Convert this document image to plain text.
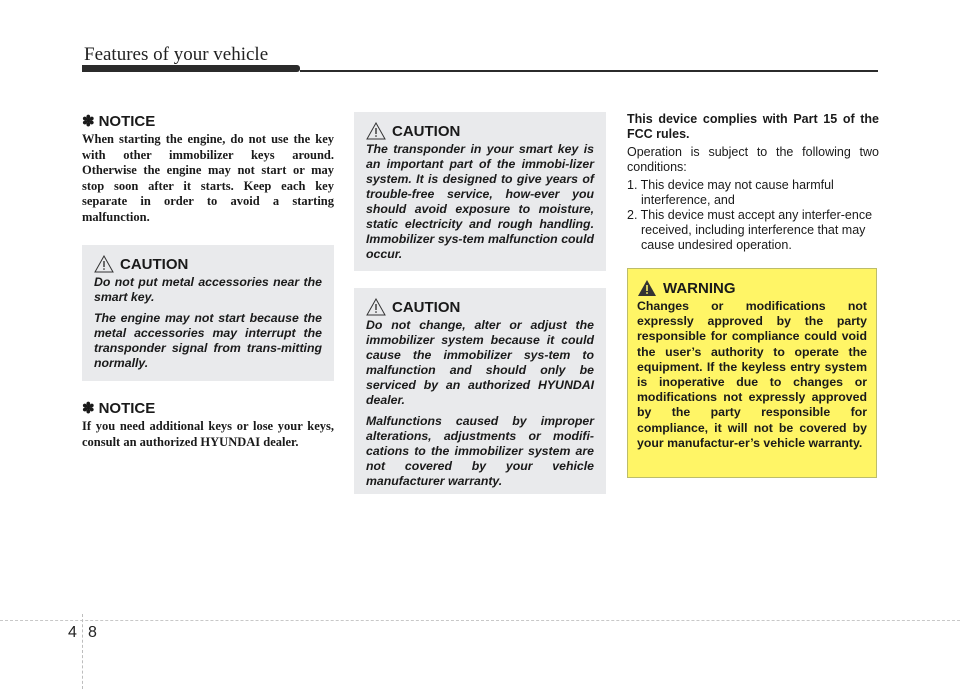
Features of your vehicle
✽ NOTICE

When starting the engine, do not use the key with other immobilizer keys around. Otherwise the engine may not start or may stop soon after it starts. Keep each key separate in order to avoid a starting malfunction.

CAUTION

Do not put metal accessories near the smart key.

The engine may not start because the metal accessories may interrupt the transponder signal from trans-mitting normally.

✽ NOTICE

If you need additional keys or lose your keys, consult an authorized HYUNDAI dealer.

CAUTION

The transponder in your smart key is an important part of the immobi-lizer system. It is designed to give years of trouble-free service, how-ever you should avoid exposure to moisture, static electricity and rough handling. Immobilizer sys-tem malfunction could occur.

CAUTION

Do not change, alter or adjust the immobilizer system because it could cause the immobilizer sys-tem to malfunction and should only be serviced by an authorized HYUNDAI dealer.

Malfunctions caused by improper alterations, adjustments or modifi-cations to the immobilizer system are not covered by your vehicle manufacturer warranty.

This device complies with Part 15 of the FCC rules.

Operation is subject to the following two conditions:

1. This device may not cause harmful interference, and

2. This device must accept any interfer-ence received, including interference that may cause undesired operation.

WARNING

Changes or modifications not expressly approved by the party responsible for compliance could void the user’s authority to operate the equipment. If the keyless entry system is inoperative due to changes or modifications not expressly approved by the party responsible for compliance, it will not be covered by your manufactur-er’s vehicle warranty.

4 8
